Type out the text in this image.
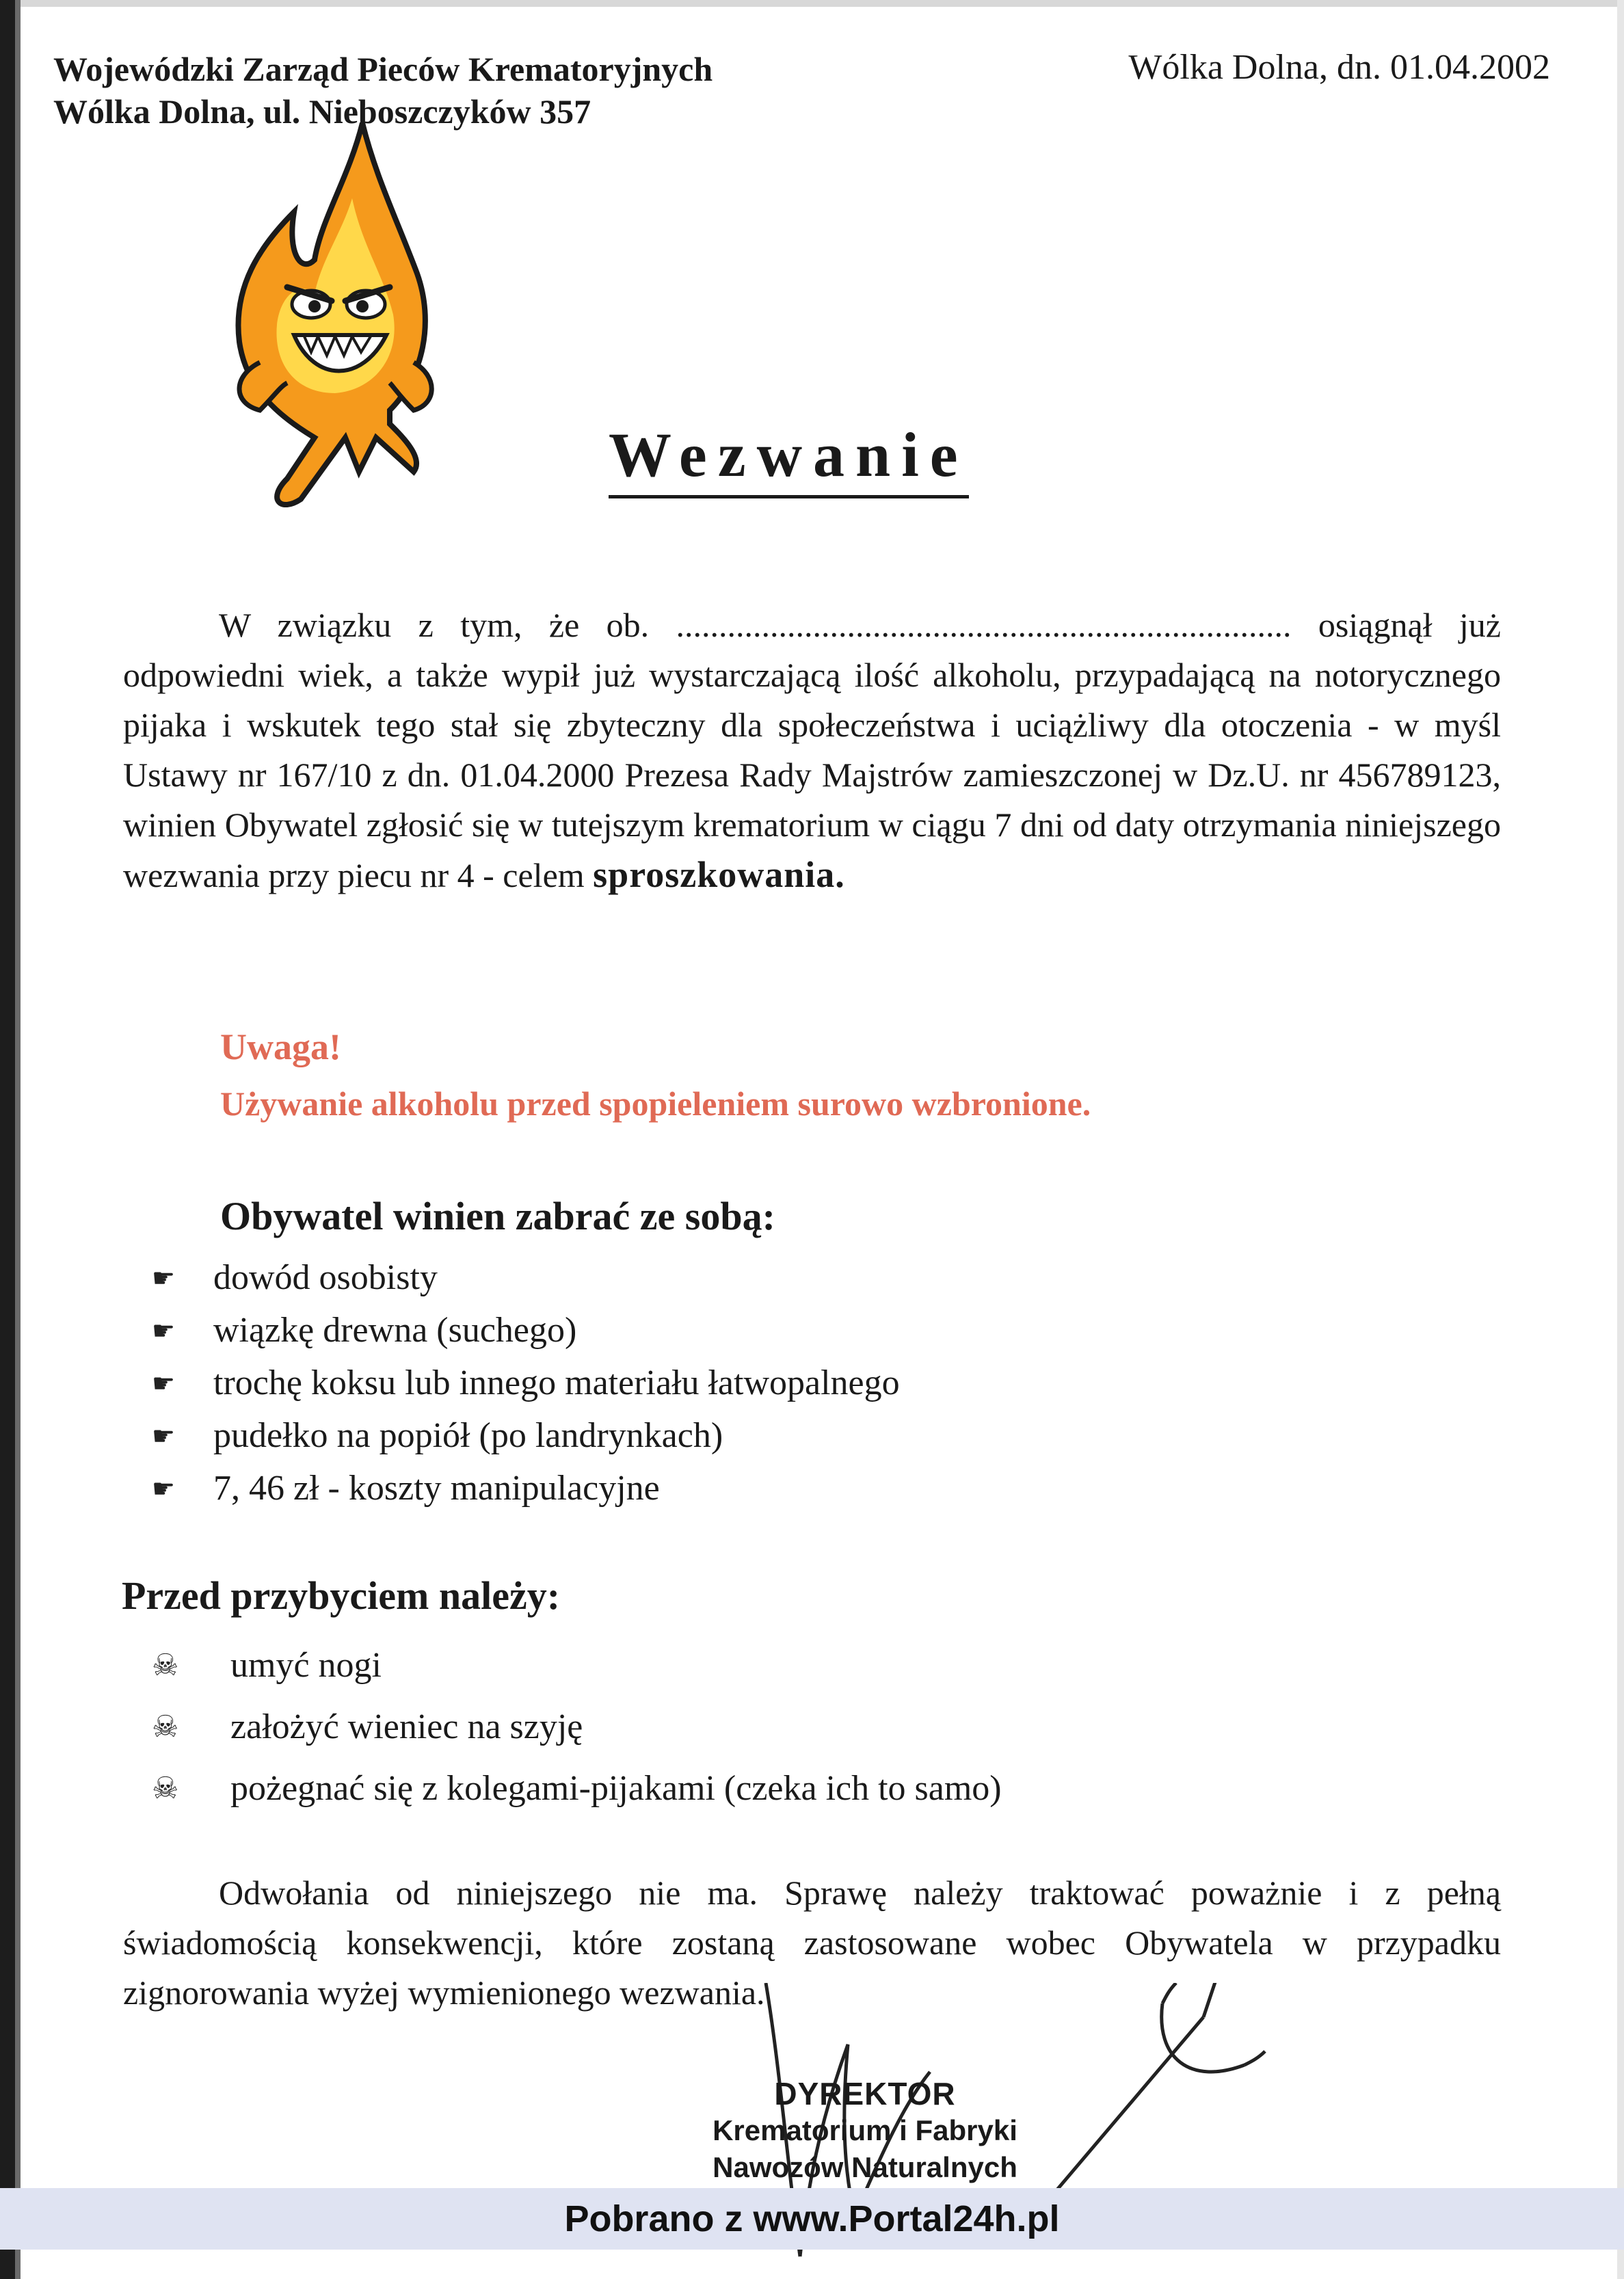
Wojewódzki Zarząd Pieców Krematoryjnych
Wólka Dolna, ul. Nieboszczyków 357
Wólka Dolna, dn. 01.04.2002
Wezwanie

W związku z tym, że ob. ........................................................................ osiągnął już odpowiedni wiek, a także wypił już wystarczającą ilość alkoholu, przypadającą na notorycznego pijaka i wskutek tego stał się zbyteczny dla społeczeństwa i uciążliwy dla otoczenia - w myśl Ustawy nr 167/10 z dn. 01.04.2000 Prezesa Rady Majstrów zamieszczonej w Dz.U. nr 456789123, winien Obywatel zgłosić się w tutejszym krematorium w ciągu 7 dni od daty otrzymania niniejszego wezwania przy piecu nr 4 - celem sproszkowania.

Uwaga!
Używanie alkoholu przed spopieleniem surowo wzbronione.
Obywatel winien zabrać ze sobą:
☛	dowód osobisty
☛	wiązkę drewna (suchego)
☛	trochę koksu lub innego materiału łatwopalnego
☛	pudełko na popiół (po landrynkach)
☛	7, 46 zł - koszty manipulacyjne
Przed przybyciem należy:
☠	umyć nogi
☠	założyć wieniec na szyję
☠	pożegnać się z kolegami-pijakami (czeka ich to samo)

Odwołania od niniejszego nie ma. Sprawę należy traktować poważnie i z pełną świadomością konsekwencji, które zostaną zastosowane wobec Obywatela w przypadku zignorowania wyżej wymienionego wezwania.

DYREKTOR
Krematorium i Fabryki
Nawozów Naturalnych
Pobrano z www.Portal24h.pl
